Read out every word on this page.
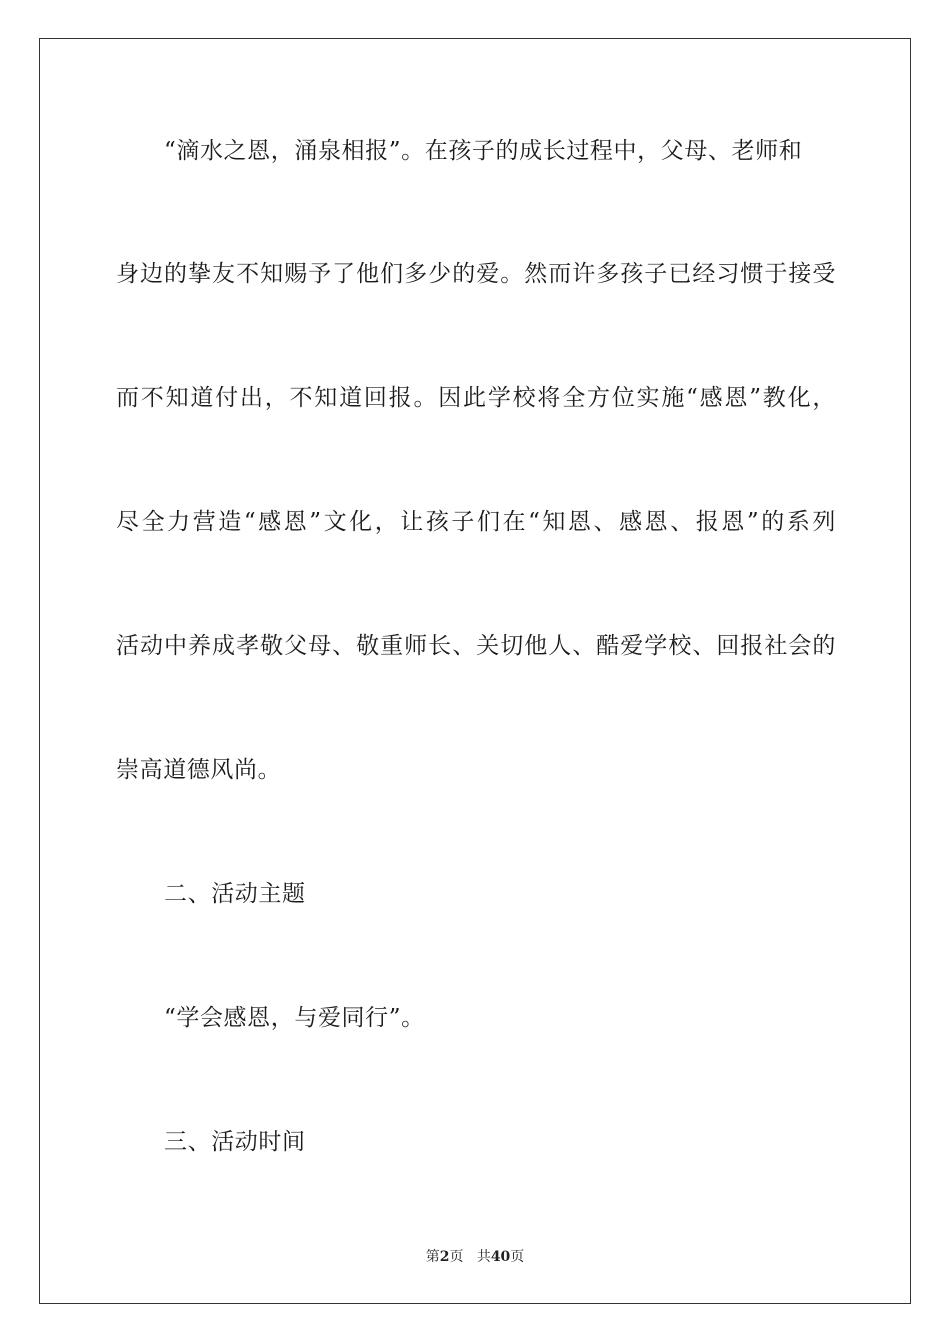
“滴水之恩，涌泉相报”。在孩子的成长过程中，父母、老师和
身边的挚友不知赐予了他们多少的爱。然而许多孩子已经习惯于接受
而不知道付出，不知道回报。因此学校将全方位实施“感恩”教化，
尽全力营造“感恩”文化，让孩子们在“知恩、感恩、报恩”的系列
活动中养成孝敬父母、敬重师长、关切他人、酷爱学校、回报社会的
崇高道德风尚。
二、活动主题
“学会感恩，与爱同行”。
三、活动时间
第2页 共40页
